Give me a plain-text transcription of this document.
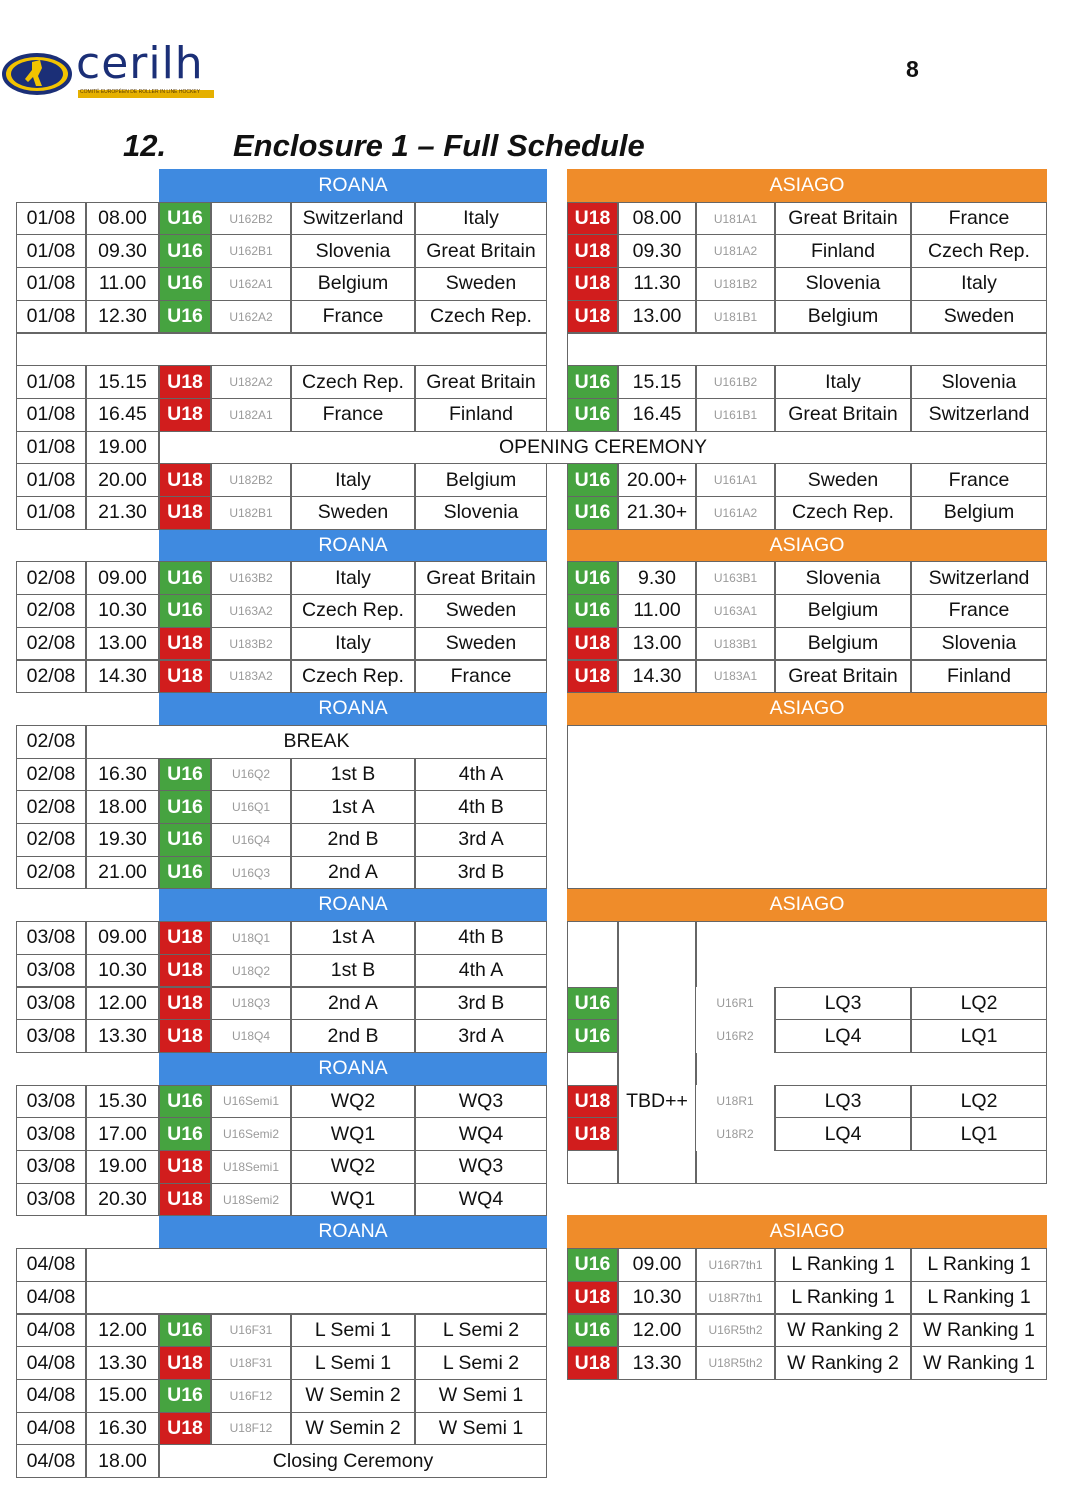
cerilh
COMITÉ EUROPÉEN DE ROLLER IN LINE HOCKEY
8
12. Enclosure 1 – Full Schedule
ROANA	ASIAGO
ROANA	ASIAGO
ROANA	ASIAGO
ROANA	ASIAGO
ROANA
ROANA	ASIAGO
01/08	08.00	U16	U162B2	Switzerland	Italy
01/08	09.30	U16	U162B1	Slovenia	Great Britain
01/08	11.00	U16	U162A1	Belgium	Sweden
01/08	12.30	U16	U162A2	France	Czech Rep.
01/08	15.15	U18	U182A2	Czech Rep.	Great Britain
01/08	16.45	U18	U182A1	France	Finland
01/08	19.00	OPENING CEREMONY
01/08	20.00	U18	U182B2	Italy	Belgium
01/08	21.30	U18	U182B1	Sweden	Slovenia
02/08	09.00	U16	U163B2	Italy	Great Britain
02/08	10.30	U16	U163A2	Czech Rep.	Sweden
02/08	13.00	U18	U183B2	Italy	Sweden
02/08	14.30	U18	U183A2	Czech Rep.	France
02/08	BREAK
02/08	16.30	U16	U16Q2	1st B	4th A
02/08	18.00	U16	U16Q1	1st A	4th B
02/08	19.30	U16	U16Q4	2nd B	3rd A
02/08	21.00	U16	U16Q3	2nd A	3rd B
03/08	09.00	U18	U18Q1	1st A	4th B
03/08	10.30	U18	U18Q2	1st B	4th A
03/08	12.00	U18	U18Q3	2nd A	3rd B
03/08	13.30	U18	U18Q4	2nd B	3rd A
03/08	15.30	U16	U16Semi1	WQ2	WQ3
03/08	17.00	U16	U16Semi2	WQ1	WQ4
03/08	19.00	U18	U18Semi1	WQ2	WQ3
03/08	20.30	U18	U18Semi2	WQ1	WQ4
04/08
04/08
04/08	12.00	U16	U16F31	L Semi 1	L Semi 2
04/08	13.30	U18	U18F31	L Semi 1	L Semi 2
04/08	15.00	U16	U16F12	W Semin 2	W Semi 1
04/08	16.30	U18	U18F12	W Semin 2	W Semi 1
04/08	18.00	Closing Ceremony
U18	08.00	U181A1	Great Britain	France
U18	09.30	U181A2	Finland	Czech Rep.
U18	11.30	U181B2	Slovenia	Italy
U18	13.00	U181B1	Belgium	Sweden
U16	15.15	U161B2	Italy	Slovenia
U16	16.45	U161B1	Great Britain	Switzerland
U16 20.00+	U161A1	Sweden	France
U16 21.30+	U161A2	Czech Rep.	Belgium
U16	9.30	U163B1	Slovenia	Switzerland
U16	11.00	U163A1	Belgium	France
U18	13.00	U183B1	Belgium	Slovenia
U18	14.30	U183A1	Great Britain	Finland
U16	U16R1	LQ3	LQ2
U16	U16R2	LQ4	LQ1
U18 TBD++	U18R1	LQ3	LQ2
U18	U18R2	LQ4	LQ1
U16	09.00	U16R7th1	L Ranking 1	L Ranking 1
U18	10.30	U18R7th1	L Ranking 1	L Ranking 1
U16	12.00	U16R5th2	W Ranking 2	W Ranking 1
U18	13.30	U18R5th2	W Ranking 2	W Ranking 1
